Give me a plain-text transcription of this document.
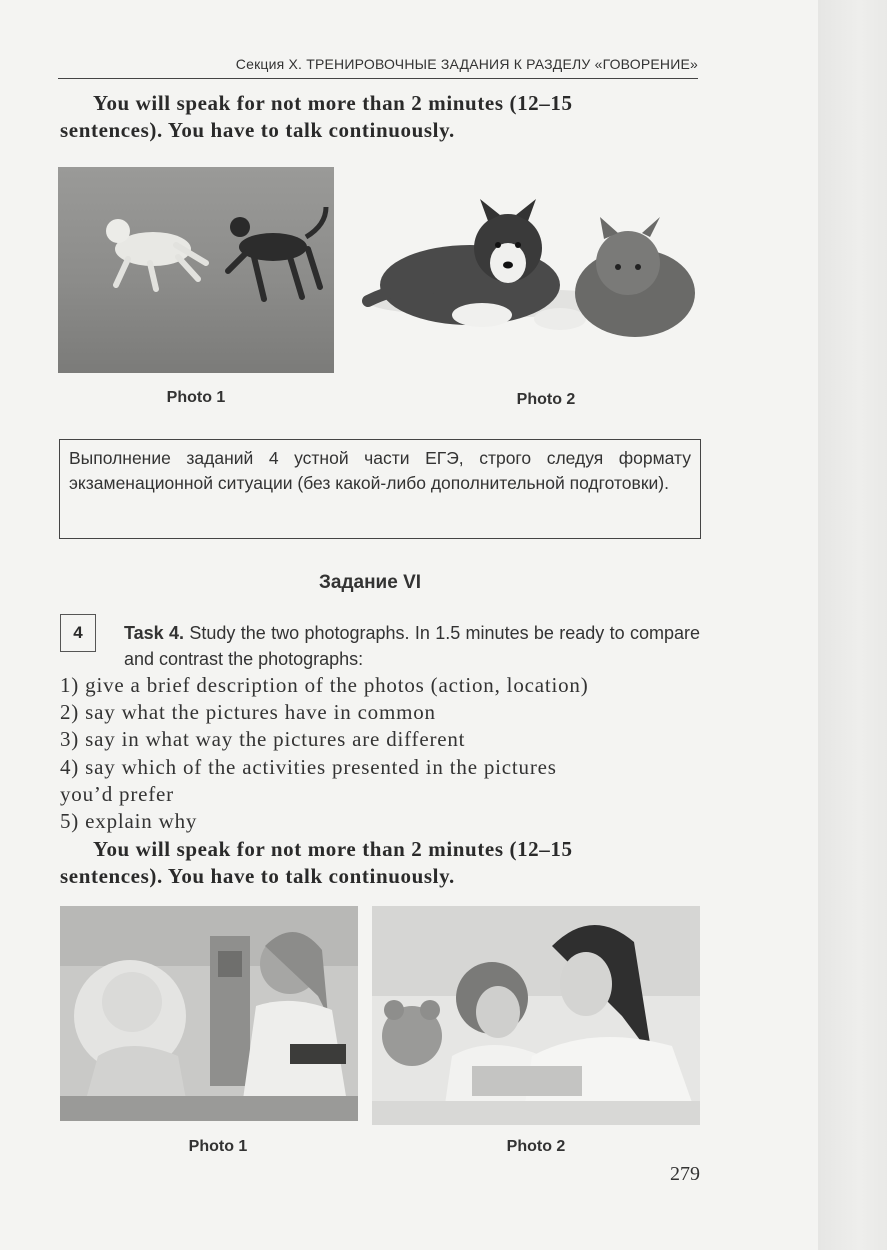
Секция X. ТРЕНИРОВОЧНЫЕ ЗАДАНИЯ К РАЗДЕЛУ «ГОВОРЕНИЕ»

You will speak for not more than 2 minutes (12–15
sentences). You have to talk continuously.

Photo 1	Photo 2
Выполнение заданий 4 устной части ЕГЭ, строго следуя формату экзаменационной ситуации (без какой-либо дополнительной подготовки).
Задание VI
4	Task 4. Study the two photographs. In 1.5 minutes be ready to compare and contrast the photographs:

1) give a brief description of the photos (action, location)

2) say what the pictures have in common

3) say in what way the pictures are different

4) say which of the activities presented in the pictures

you’d prefer

5) explain why

You will speak for not more than 2 minutes (12–15
sentences). You have to talk continuously.

Photo 1	Photo 2
279
